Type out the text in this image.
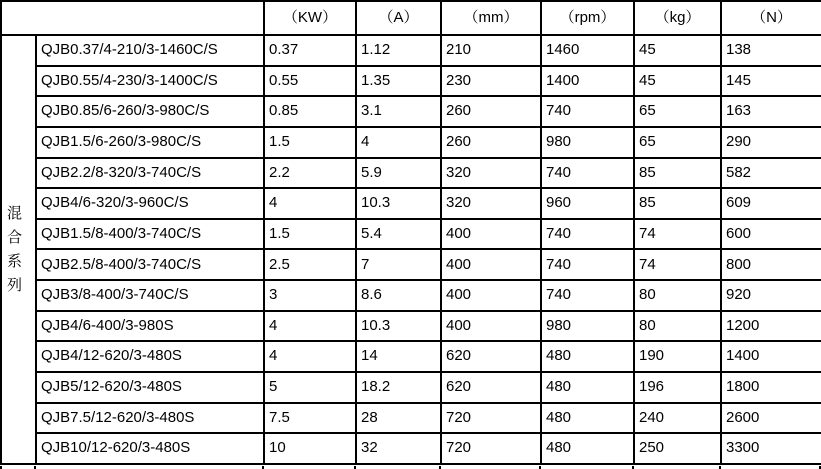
		（KW）	（A）	（mm）	（rpm）	（kg）	（N）
混合系列	QJB0.37/4-210/3-1460C/S	0.37	1.12	210	1460	45	138
	QJB0.55/4-230/3-1400C/S	0.55	1.35	230	1400	45	145
	QJB0.85/6-260/3-980C/S	0.85	3.1	260	740	65	163
	QJB1.5/6-260/3-980C/S	1.5	4	260	980	65	290
	QJB2.2/8-320/3-740C/S	2.2	5.9	320	740	85	582
	QJB4/6-320/3-960C/S	4	10.3	320	960	85	609
	QJB1.5/8-400/3-740C/S	1.5	5.4	400	740	74	600
	QJB2.5/8-400/3-740C/S	2.5	7	400	740	74	800
	QJB3/8-400/3-740C/S	3	8.6	400	740	80	920
	QJB4/6-400/3-980S	4	10.3	400	980	80	1200
	QJB4/12-620/3-480S	4	14	620	480	190	1400
	QJB5/12-620/3-480S	5	18.2	620	480	196	1800
	QJB7.5/12-620/3-480S	7.5	28	720	480	240	2600
	QJB10/12-620/3-480S	10	32	720	480	250	3300
